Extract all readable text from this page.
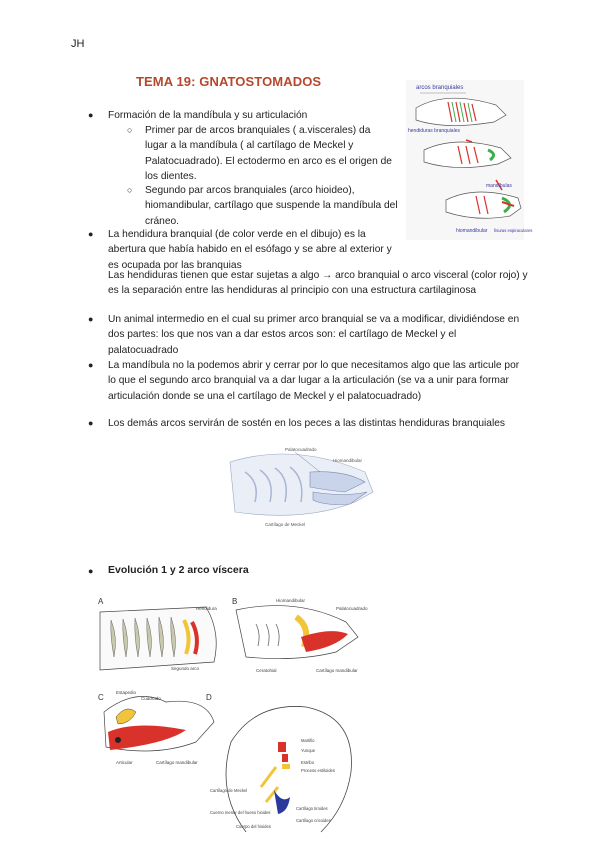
JH
TEMA 19: GNATOSTOMADOS	arcos branquiales
hendiduras branquiales
mandíbulas
hiomandibular fisuras espiraculares
● Formación de la mandíbula y su articulación
○ Primer par de arcos branquiales ( a.viscerales) da lugar a la mandíbula ( al cartílago de Meckel y Palatocuadrado). El ectodermo en arco es el origen de los dientes.
○ Segundo par arcos branquiales (arco hioideo), hiomandibular, cartílago que suspende la mandíbula del cráneo.
● La hendidura branquial (de color verde en el dibujo) es la abertura que había habido en el esófago y se abre al exterior y es ocupada por las branquias
Las hendiduras tienen que estar sujetas a algo → arco branquial o arco visceral (color rojo) y es la separación entre las hendiduras al principio con una estructura cartilaginosa
● Un animal intermedio en el cual su primer arco branquial se va a modificar, dividiéndose en dos partes: los que nos van a dar estos arcos son: el cartílago de Meckel y el palatocuadrado
● La mandíbula no la podemos abrir y cerrar por lo que necesitamos algo que las articule por lo que el segundo arco branquial va a dar lugar a la articulación (se va a unir para formar articulación donde se una el cartílago de Meckel y el palatocuadrado)
● Los demás arcos servirán de sostén en los peces a las distintas hendiduras branquiales
Palatocuadrado
Hiomandibular
Cartílago de Meckel
● Evolución 1 y 2 arco víscera
A
Hendidura
Segundo arco
B	Hiomandibular
Palatocuadrado
Ceratohial	Cartílago mandibular
C
Estapedio
Cuadrado
Articular	Cartílago mandibular
D
Martillo
Yunque
Estribo
Proceso estiloides
Cartílago de Meckel
Cuerno menor del hueso hioides
Cuerpo del hioides
Cartílago tiroides
Cartílago cricoides
